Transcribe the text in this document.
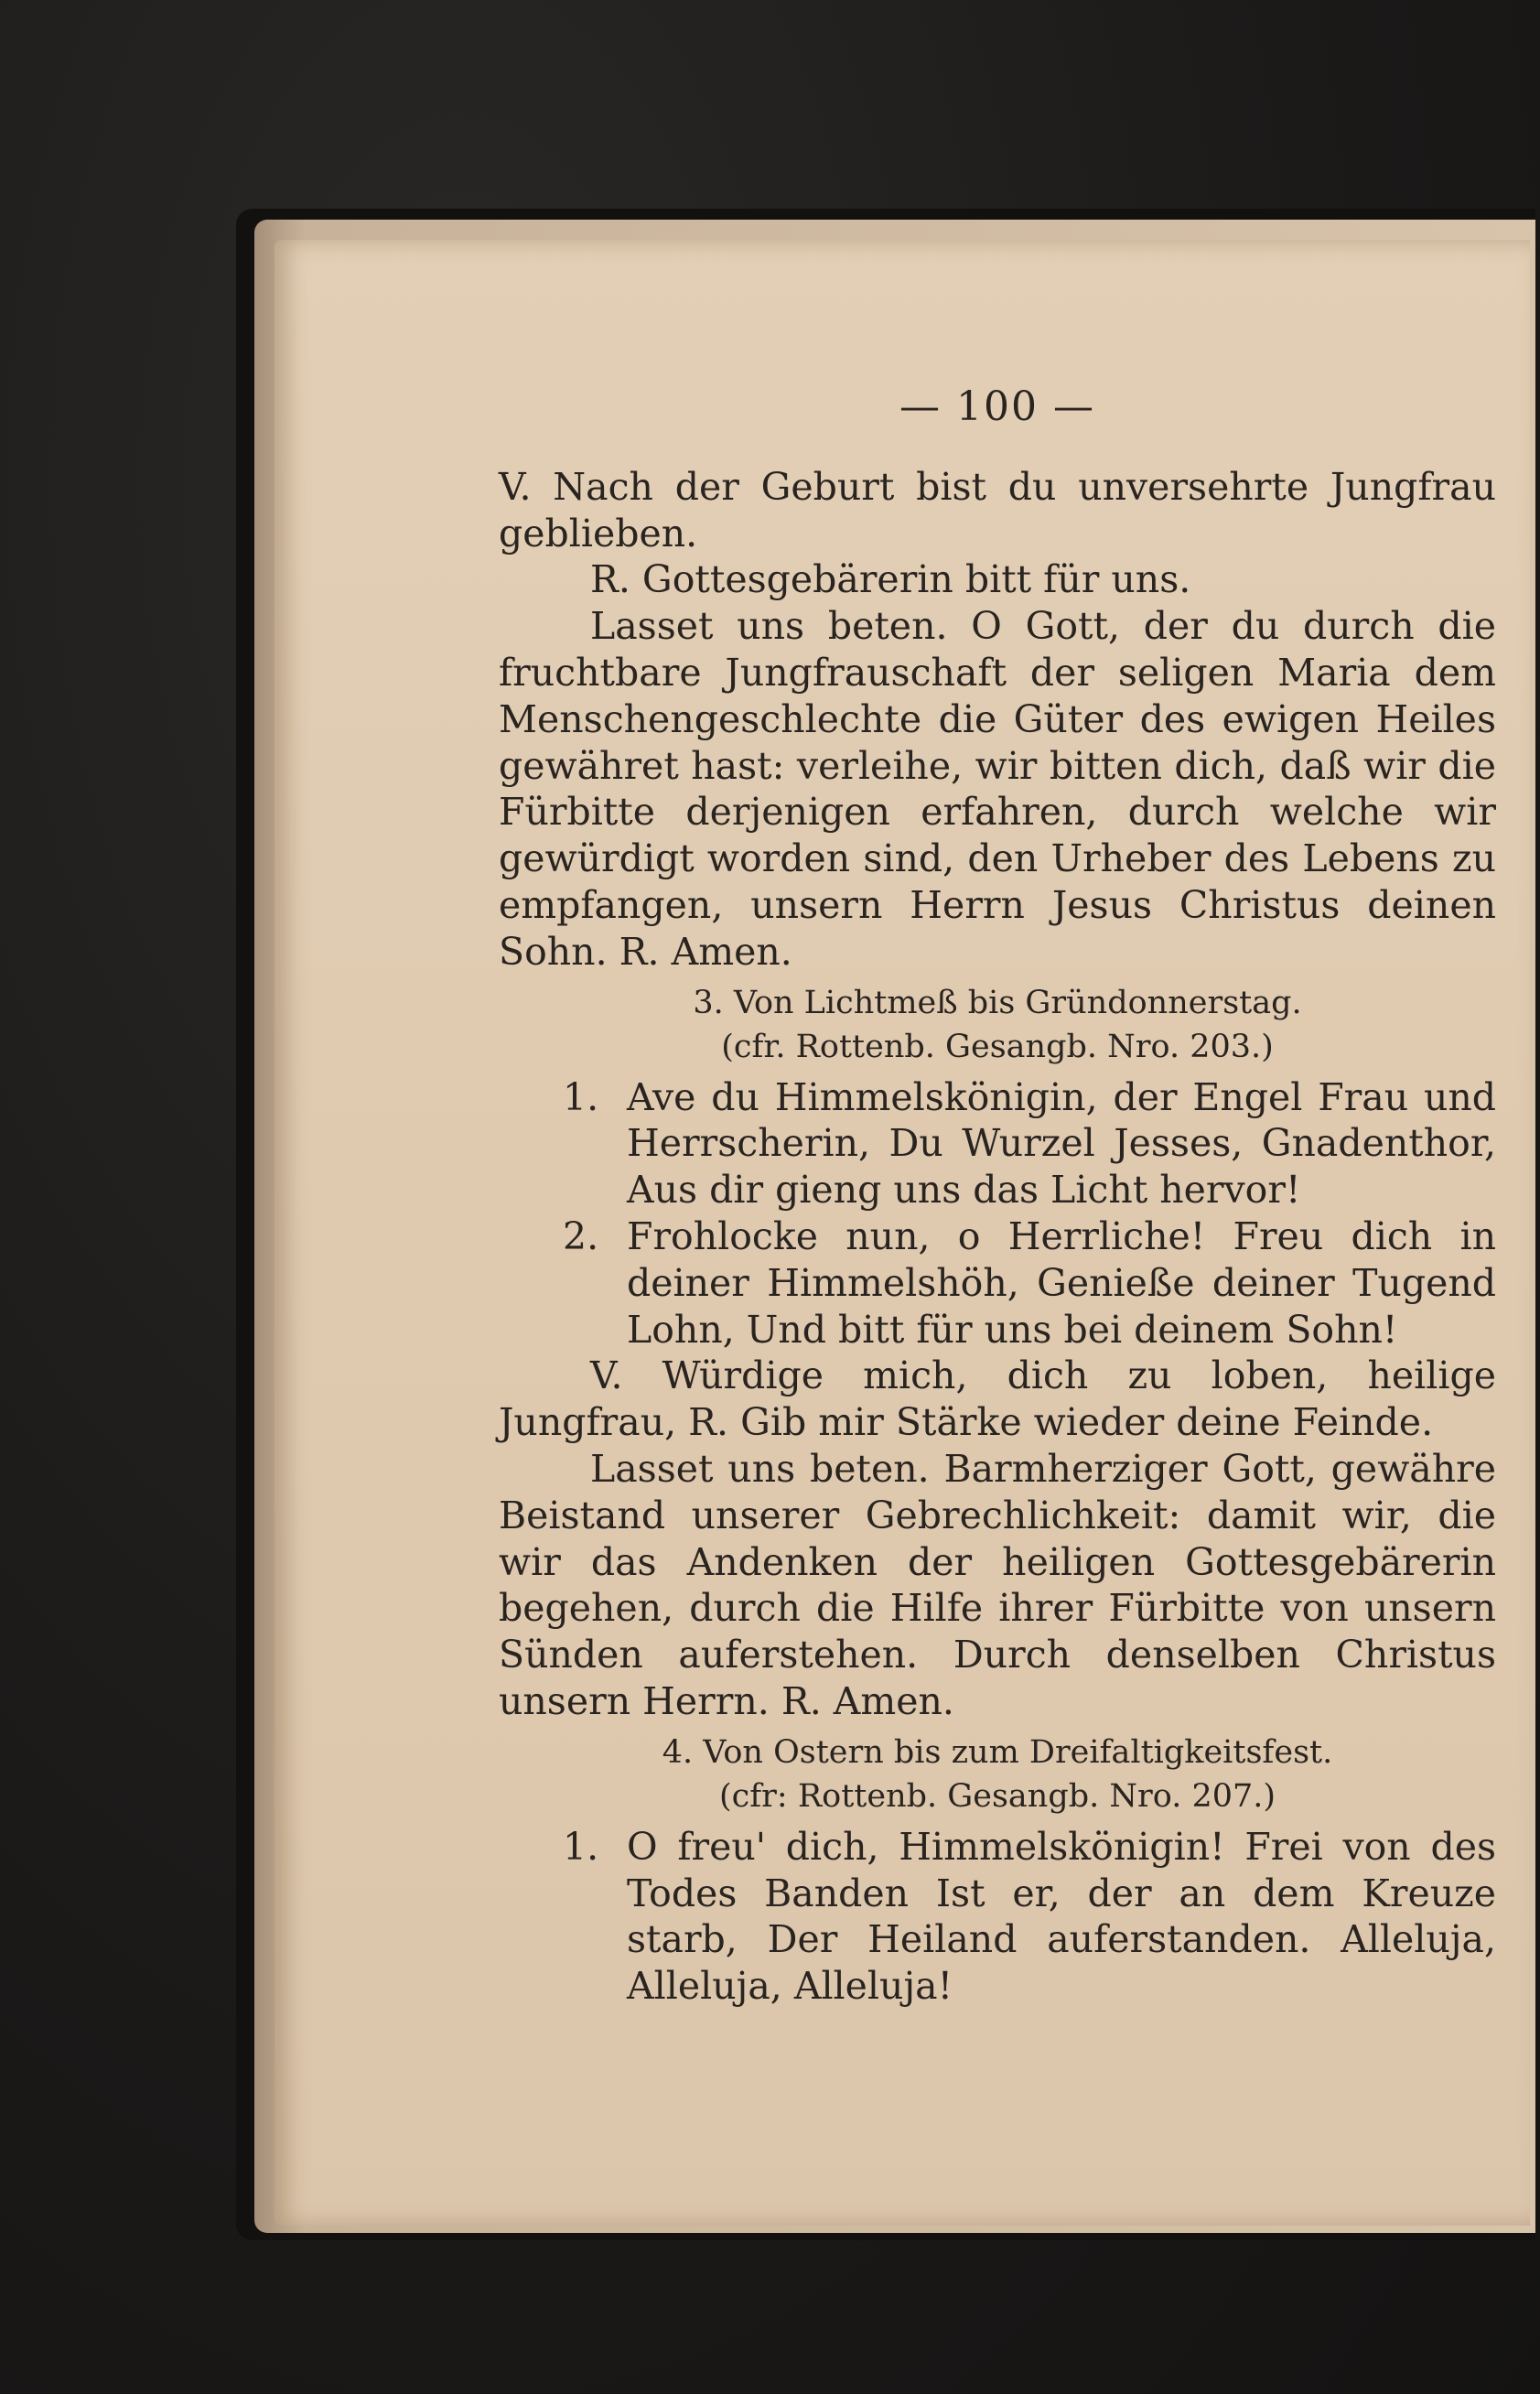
— 100 —

V. Nach der Geburt bist du unversehrte Jungfrau geblieben.

R. Gottesgebärerin bitt für uns.

Lasset uns beten. O Gott, der du durch die fruchtbare Jungfrauschaft der seligen Maria dem Menschengeschlechte die Güter des ewigen Heiles gewähret hast: verleihe, wir bitten dich, daß wir die Fürbitte derjenigen erfahren, durch welche wir gewürdigt worden sind, den Urheber des Lebens zu empfangen, unsern Herrn Jesus Christus deinen Sohn. R. Amen.

3. Von Lichtmeß bis Gründonnerstag.

(cfr. Rottenb. Gesangb. Nro. 203.)

1. Ave du Himmelskönigin, der Engel Frau und Herrscherin, Du Wurzel Jesses, Gnadenthor, Aus dir gieng uns das Licht hervor!

2. Frohlocke nun, o Herrliche! Freu dich in deiner Himmelshöh, Genieße deiner Tugend Lohn, Und bitt für uns bei deinem Sohn!

V. Würdige mich, dich zu loben, heilige Jungfrau, R. Gib mir Stärke wieder deine Feinde.

Lasset uns beten. Barmherziger Gott, gewähre Beistand unserer Gebrechlichkeit: damit wir, die wir das Andenken der heiligen Gottesgebärerin begehen, durch die Hilfe ihrer Fürbitte von unsern Sünden auferstehen. Durch denselben Christus unsern Herrn. R. Amen.

4. Von Ostern bis zum Dreifaltigkeitsfest.

(cfr: Rottenb. Gesangb. Nro. 207.)

1. O freu' dich, Himmelskönigin! Frei von des Todes Banden Ist er, der an dem Kreuze starb, Der Heiland auferstanden. Alleluja, Alleluja, Alleluja!
